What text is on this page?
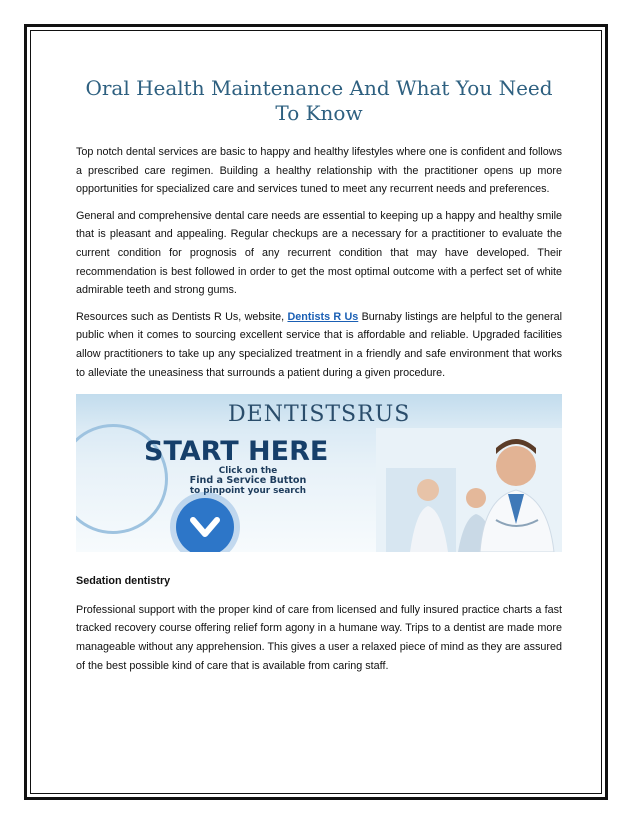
Oral Health Maintenance And What You Need To Know

Top notch dental services are basic to happy and healthy lifestyles where one is confident and follows a prescribed care regimen. Building a healthy relationship with the practitioner opens up more opportunities for specialized care and services tuned to meet any recurrent needs and preferences.

General and comprehensive dental care needs are essential to keeping up a happy and healthy smile that is pleasant and appealing. Regular checkups are a necessary for a practitioner to evaluate the current condition for prognosis of any recurrent condition that may have developed. Their recommendation is best followed in order to get the most optimal outcome with a perfect set of white admirable teeth and strong gums.

Resources such as Dentists R Us, website, Dentists R Us Burnaby listings are helpful to the general public when it comes to sourcing excellent service that is affordable and reliable. Upgraded facilities allow practitioners to take up any specialized treatment in a friendly and safe environment that works to alleviate the uneasiness that surrounds a patient during a given procedure.

DENTISTSRUS
START HERE
Click on the
Find a Service Button
to pinpoint your search

Sedation dentistry

Professional support with the proper kind of care from licensed and fully insured practice charts a fast tracked recovery course offering relief form agony in a humane way. Trips to a dentist are made more manageable without any apprehension. This gives a user a relaxed piece of mind as they are assured of the best possible kind of care that is available from caring staff.
